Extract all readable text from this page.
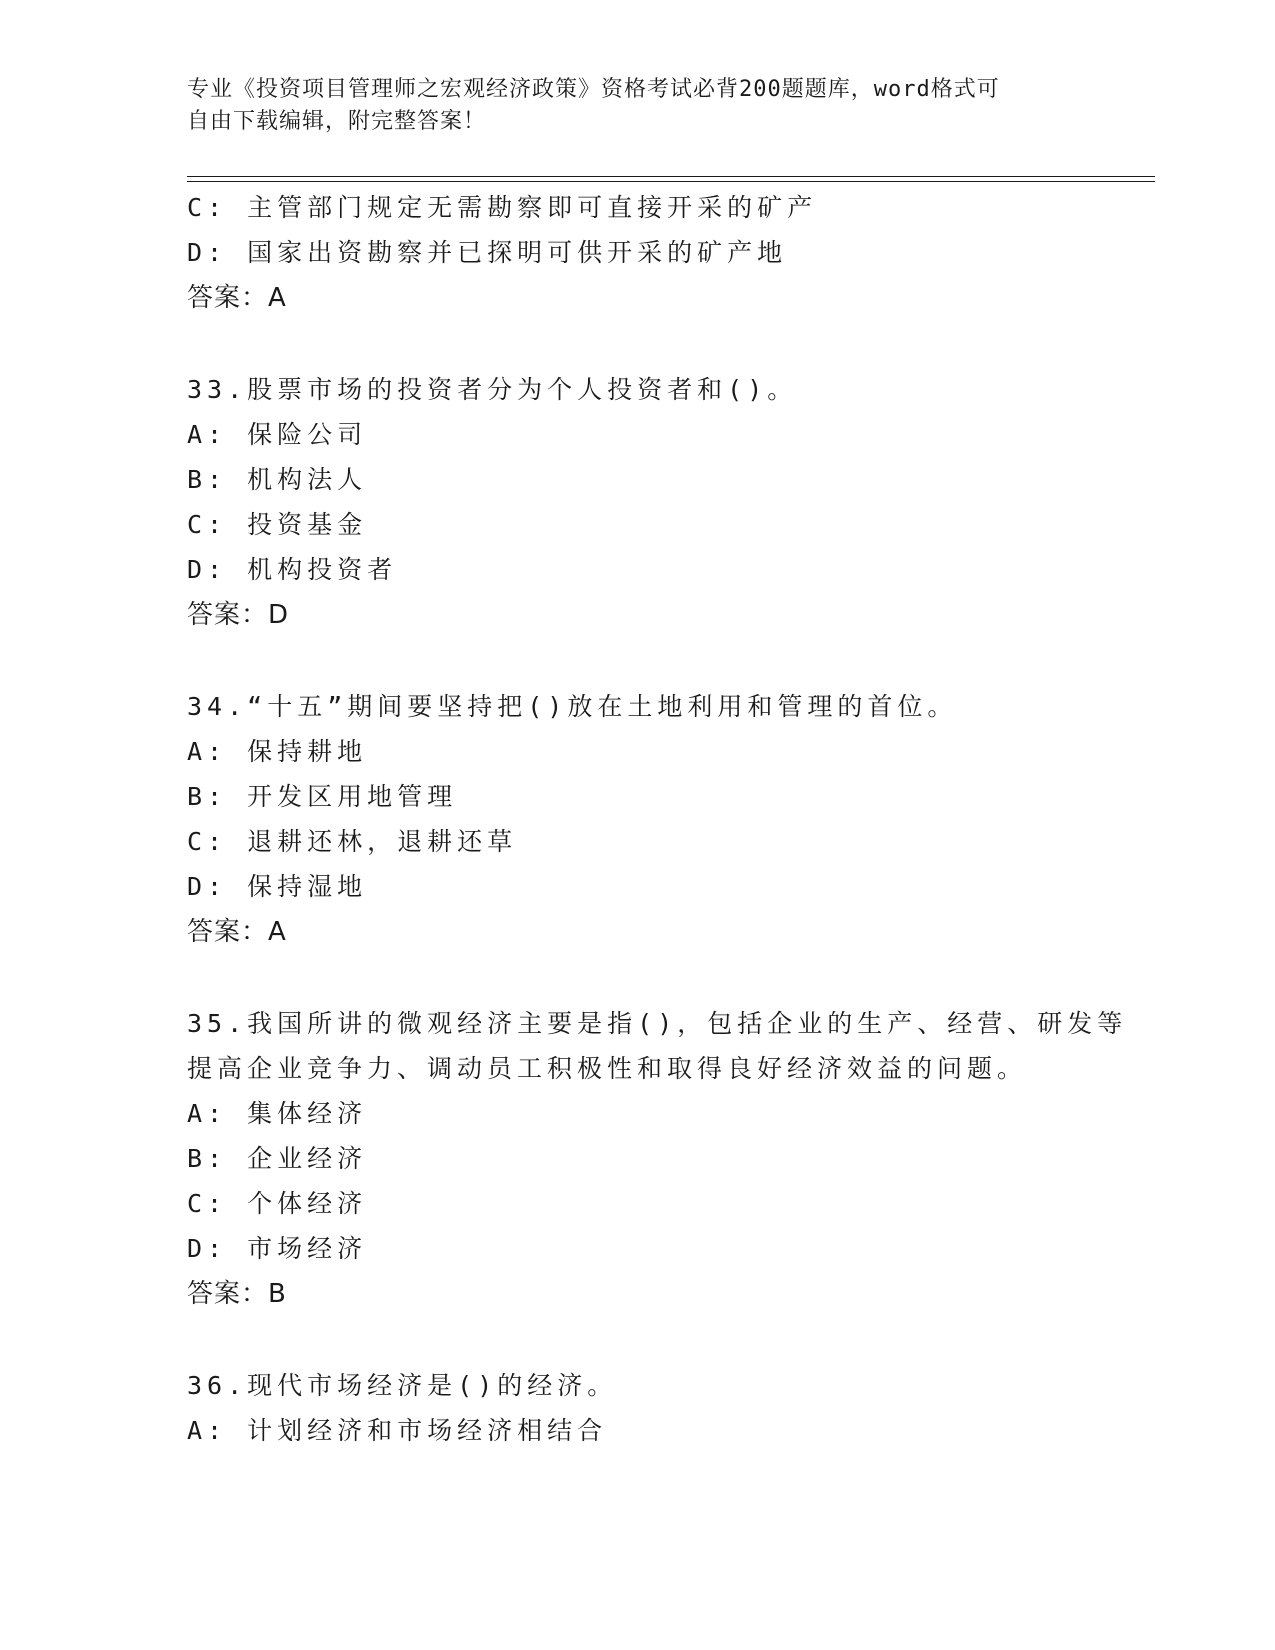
专业《投资项目管理师之宏观经济政策》资格考试必背200题题库，word格式可
自由下载编辑，附完整答案！
C: 主管部门规定无需勘察即可直接开采的矿产
D: 国家出资勘察并已探明可供开采的矿产地
答案：A
33.股票市场的投资者分为个人投资者和()。
A: 保险公司
B: 机构法人
C: 投资基金
D: 机构投资者
答案：D
34.“十五”期间要坚持把()放在土地利用和管理的首位。
A: 保持耕地
B: 开发区用地管理
C: 退耕还林，退耕还草
D: 保持湿地
答案：A
35.我国所讲的微观经济主要是指()，包括企业的生产、经营、研发等
提高企业竞争力、调动员工积极性和取得良好经济效益的问题。
A: 集体经济
B: 企业经济
C: 个体经济
D: 市场经济
答案：B
36.现代市场经济是()的经济。
A: 计划经济和市场经济相结合
